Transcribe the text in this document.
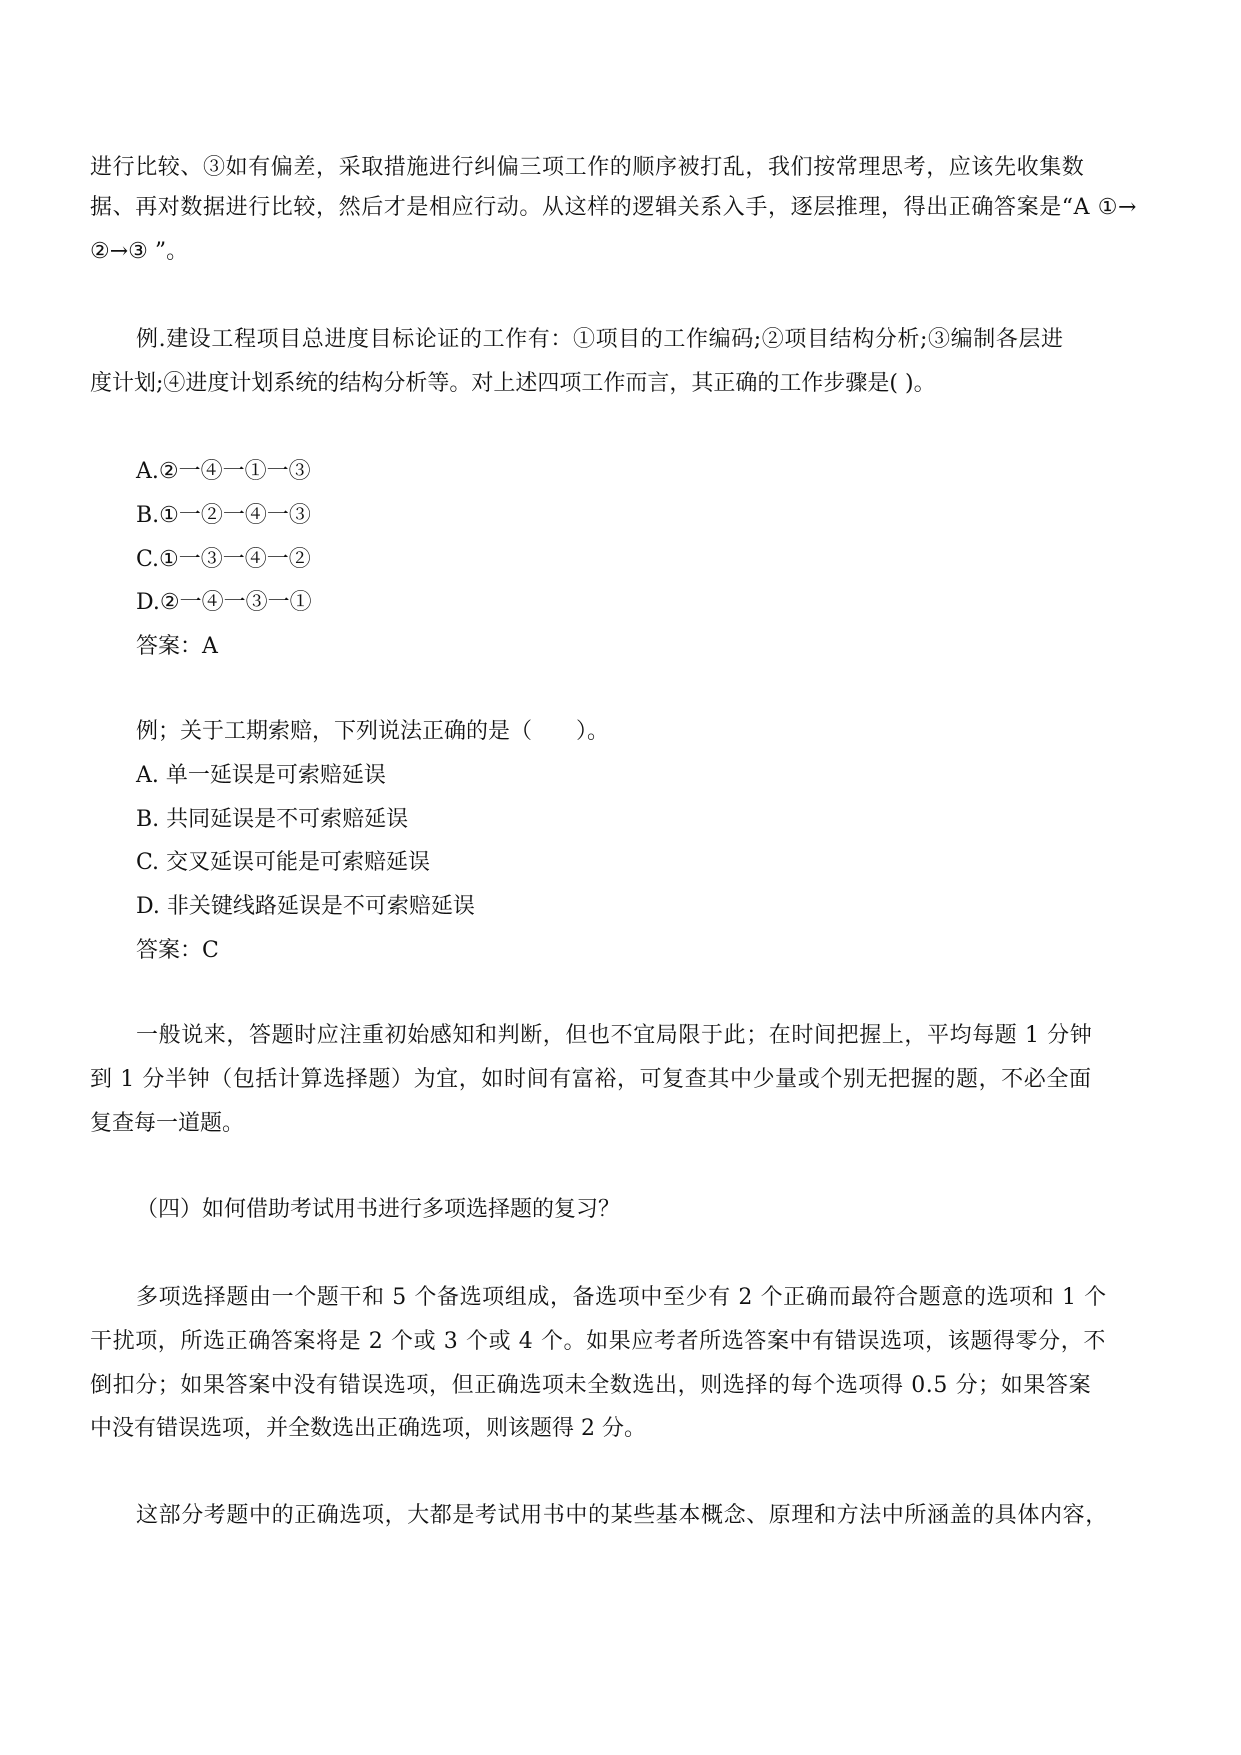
进行比较、③如有偏差，采取措施进行纠偏三项工作的顺序被打乱，我们按常理思考，应该先收集数
据、再对数据进行比较，然后才是相应行动。从这样的逻辑关系入手，逐层推理，得出正确答案是“A ①→
②→③ ”。
例.建设工程项目总进度目标论证的工作有：①项目的工作编码;②项目结构分析;③编制各层进
度计划;④进度计划系统的结构分析等。对上述四项工作而言，其正确的工作步骤是( )。
A.②一④一①一③
B.①一②一④一③
C.①一③一④一②
D.②一④一③一①
答案：A
例；关于工期索赔，下列说法正确的是（　　）。
A. 单一延误是可索赔延误
B. 共同延误是不可索赔延误
C. 交叉延误可能是可索赔延误
D. 非关键线路延误是不可索赔延误
答案：C
一般说来，答题时应注重初始感知和判断，但也不宜局限于此；在时间把握上，平均每题 1 分钟
到 1 分半钟（包括计算选择题）为宜，如时间有富裕，可复查其中少量或个别无把握的题，不必全面
复查每一道题。
（四）如何借助考试用书进行多项选择题的复习？
多项选择题由一个题干和 5 个备选项组成，备选项中至少有 2 个正确而最符合题意的选项和 1 个
干扰项，所选正确答案将是 2 个或 3 个或 4 个。如果应考者所选答案中有错误选项，该题得零分，不
倒扣分；如果答案中没有错误选项，但正确选项未全数选出，则选择的每个选项得 0.5 分；如果答案
中没有错误选项，并全数选出正确选项，则该题得 2 分。
这部分考题中的正确选项，大都是考试用书中的某些基本概念、原理和方法中所涵盖的具体内容，
